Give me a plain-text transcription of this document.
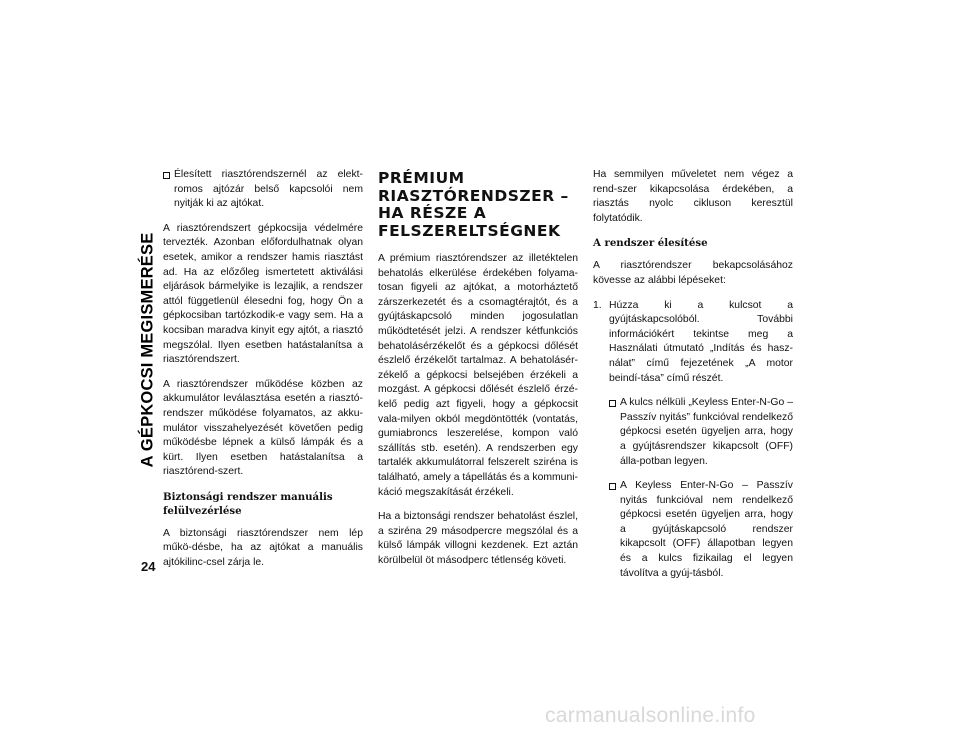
A GÉPKOCSI MEGISMERÉSE
Élesített riasztórendszernél az elekt-romos ajtózár belső kapcsolói nem nyitják ki az ajtókat.

A riasztórendszert gépkocsija védelmére tervezték. Azonban előfordulhatnak olyan esetek, amikor a rendszer hamis riasztást ad. Ha az előzőleg ismertetett aktiválási eljárások bármelyike is lezajlik, a rendszer attól függetlenül élesedni fog, hogy Ön a gépkocsiban tartózkodik-e vagy sem. Ha a kocsiban maradva kinyit egy ajtót, a riasztó megszólal. Ilyen esetben hatástalanítsa a riasztórendszert.

A riasztórendszer működése közben az akkumulátor leválasztása esetén a riasztó-rendszer működése folyamatos, az akku-mulátor visszahelyezését követően pedig működésbe lépnek a külső lámpák és a kürt. Ilyen esetben hatástalanítsa a riasztórend-szert.

Biztonsági rendszer manuális felülvezérlése

A biztonsági riasztórendszer nem lép műkö-désbe, ha az ajtókat a manuális ajtókilinc-csel zárja le.

PRÉMIUM RIASZTÓRENDSZER – HA RÉSZE A FELSZERELTSÉGNEK

A prémium riasztórendszer az illetéktelen behatolás elkerülése érdekében folyama-tosan figyeli az ajtókat, a motorháztető zárszerkezetét és a csomagtérajtót, és a gyújtáskapcsoló minden jogosulatlan működtetését jelzi. A rendszer kétfunkciós behatolásérzékelőt és a gépkocsi dőlését észlelő érzékelőt tartalmaz. A behatolásér-zékelő a gépkocsi belsejében érzékeli a mozgást. A gépkocsi dőlését észlelő érzé-kelő pedig azt figyeli, hogy a gépkocsit vala-milyen okból megdöntötték (vontatás, gumiabroncs leszerelése, kompon való szállítás stb. esetén). A rendszerben egy tartalék akkumulátorral felszerelt sziréna is található, amely a tápellátás és a kommuni-káció megszakítását érzékeli.

Ha a biztonsági rendszer behatolást észlel, a sziréna 29 másodpercre megszólal és a külső lámpák villogni kezdenek. Ezt aztán körülbelül öt másodperc tétlenség követi.

Ha semmilyen műveletet nem végez a rend-szer kikapcsolása érdekében, a riasztás nyolc cikluson keresztül folytatódik.

A rendszer élesítése

A riasztórendszer bekapcsolásához kövesse az alábbi lépéseket:

1. Húzza ki a kulcsot a gyújtáskapcsolóból. További információkért tekintse meg a Használati útmutató „Indítás és hasz-nálat” című fejezetének „A motor beindí-tása” című részét.
A kulcs nélküli „Keyless Enter-N-Go – Passzív nyitás” funkcióval rendelkező gépkocsi esetén ügyeljen arra, hogy a gyújtásrendszer kikapcsolt (OFF) álla-potban legyen.
A Keyless Enter-N-Go – Passzív nyitás funkcióval nem rendelkező gépkocsi esetén ügyeljen arra, hogy a gyújtáskapcsoló rendszer kikapcsolt (OFF) állapotban legyen és a kulcs fizikailag el legyen távolítva a gyúj-tásból.
24
carmanualsonline.info
